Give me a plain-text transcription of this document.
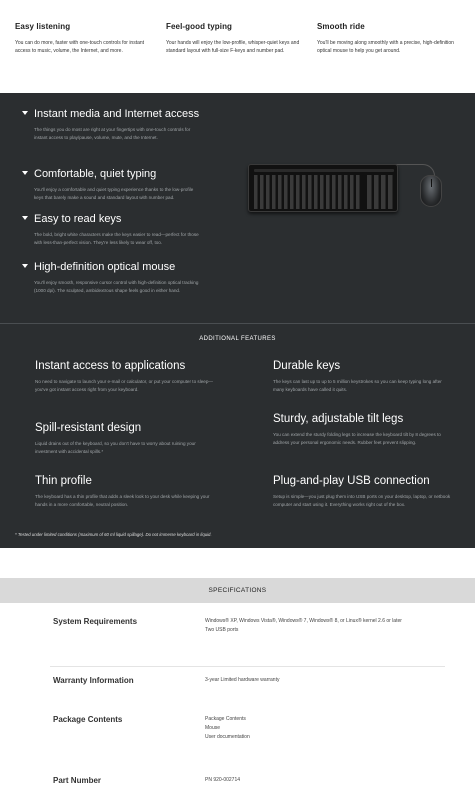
Easy listening

You can do more, faster with one-touch controls for instant access to music, volume, the Internet, and more.

Feel-good typing

Your hands will enjoy the low-profile, whisper-quiet keys and standard layout with full-size F-keys and number pad.

Smooth ride

You'll be moving along smoothly with a precise, high-definition optical mouse to help you get around.

Instant media and Internet access

The things you do most are right at your fingertips with one-touch controls for instant access to play/pause, volume, mute, and the Internet.

Comfortable, quiet typing

You'll enjoy a comfortable and quiet typing experience thanks to the low-profile keys that barely make a sound and standard layout with number pad.

Easy to read keys

The bold, bright white characters make the keys easier to read—perfect for those with less-than-perfect vision. They're less likely to wear off, too.

High-definition optical mouse

You'll enjoy smooth, responsive cursor control with high-definition optical tracking (1000 dpi). The sculpted, ambidextrous shape feels good in either hand.

ADDITIONAL FEATURES
Instant access to applications

No need to navigate to launch your e-mail or calculator, or put your computer to sleep—you've got instant access right from your keyboard.

Durable keys

The keys can last up to up to 5 million keystrokes so you can keep typing long after many keyboards have called it quits.

Spill-resistant design

Liquid drains out of the keyboard, so you don't have to worry about ruining your investment with accidental spills.*

Sturdy, adjustable tilt legs

You can extend the sturdy folding legs to increase the keyboard tilt by 8 degrees to address your personal ergonomic needs. Rubber feet prevent slipping.

Thin profile

The keyboard has a thin profile that adds a sleek look to your desk while keeping your hands in a more comfortable, neutral position.

Plug-and-play USB connection

Setup is simple—you just plug them into USB ports on your desktop, laptop, or netbook computer and start using it. Everything works right out of the box.

* Tested under limited conditions (maximum of 60 ml liquid spillage). Do not immerse keyboard in liquid.
SPECIFICATIONS
System Requirements	Windows® XP, Windows Vista®, Windows® 7, Windows® 8, or Linux® kernel 2.6 or later
Two USB ports
Warranty Information	3-year Limited hardware warranty
Package Contents	Package Contents
Mouse
User documentation
Part Number	PN 920-002714
